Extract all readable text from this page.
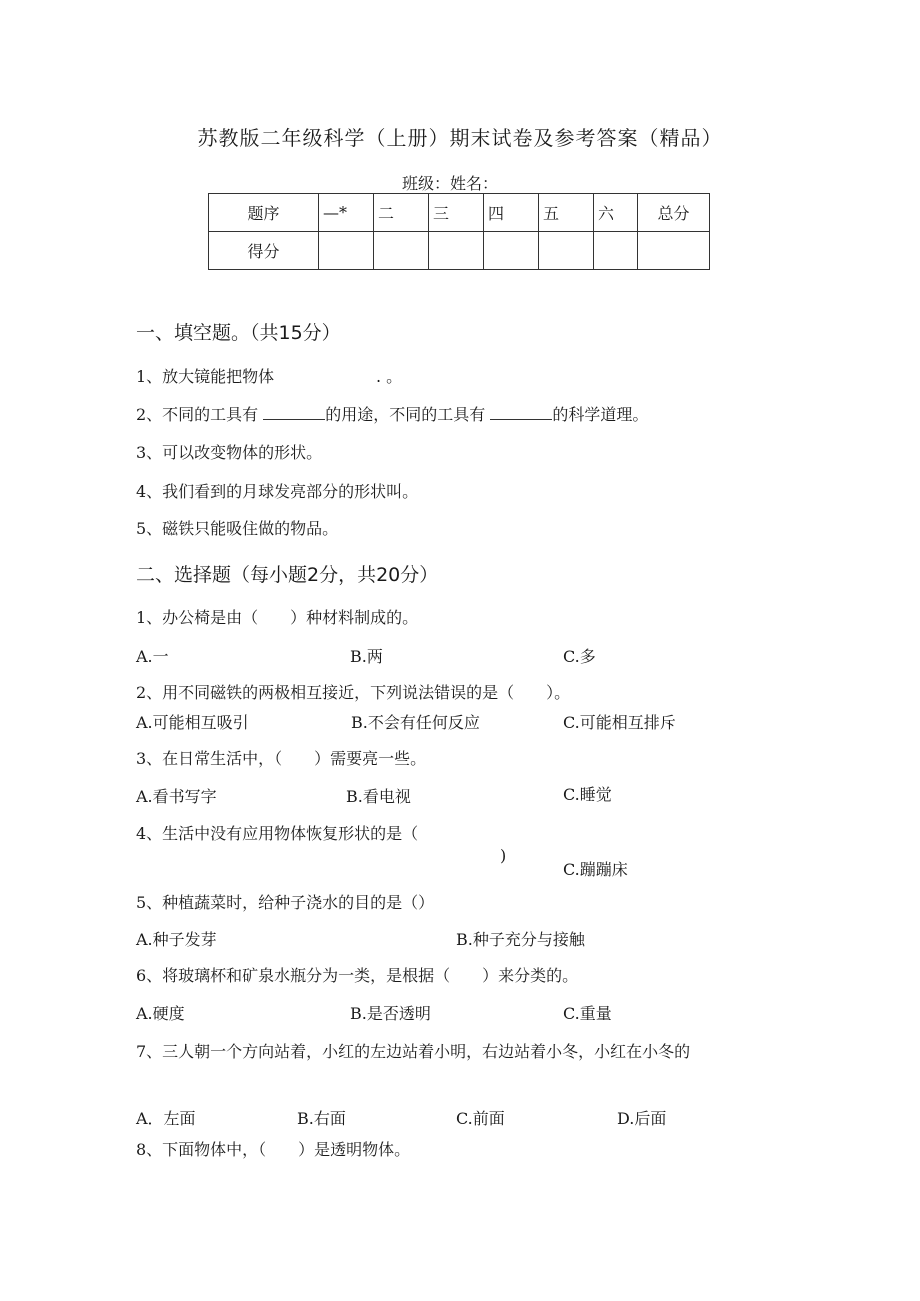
苏教版二年级科学（上册）期末试卷及参考答案（精品）
班级：姓名：
题序	—*	二	三	四	五	六	总分
得分							
一、填空题。（共15分）
1、放大镜能把物体	. 。
2、不同的工具有	的用途，不同的工具有	的科学道理。
3、可以改变物体的形状。
4、我们看到的月球发亮部分的形状叫。
5、磁铁只能吸住做的物品。
二、选择题（每小题2分，共20分）
1、办公椅是由（　　）种材料制成的。
A.一	B.两	C.多
2、用不同磁铁的两极相互接近，下列说法错误的是（　　）。
A.可能相互吸引	B.不会有任何反应	C.可能相互排斥
3、在日常生活中，（　　）需要亮一些。
A.看书写字	B.看电视	C.睡觉
4、生活中没有应用物体恢复形状的是（
)
C.蹦蹦床
5、种植蔬菜时，给种子浇水的目的是（）
A.种子发芽	B.种子充分与接触
6、将玻璃杯和矿泉水瓶分为一类，是根据（　　）来分类的。
A.硬度	B.是否透明	C.重量
7、三人朝一个方向站着，小红的左边站着小明，右边站着小冬，小红在小冬的
A．左面	B.右面	C.前面	D.后面
8、下面物体中，（　　）是透明物体。
